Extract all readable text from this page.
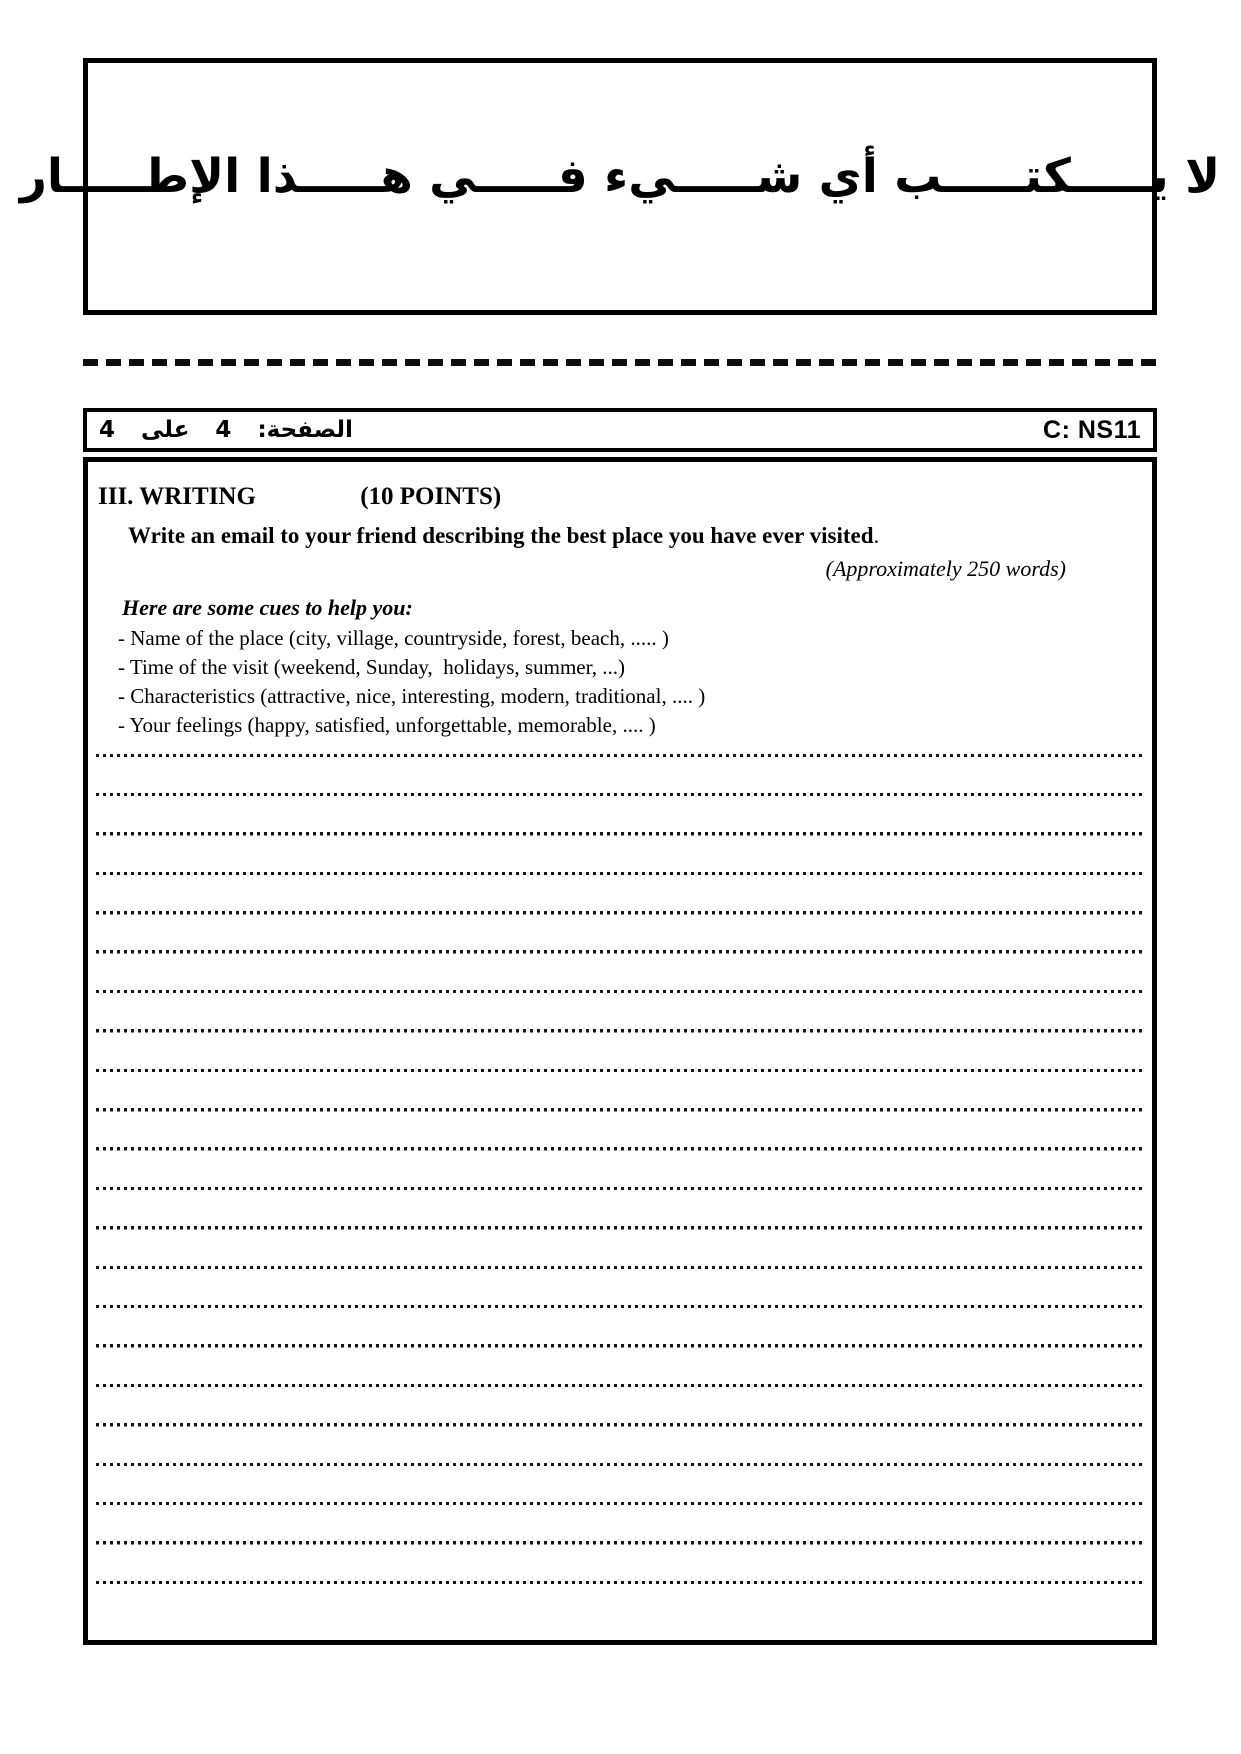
لا يـــــكتـــــب أي شـــــيء فـــــي هـــــذا الإطـــــار
الصفحة: 4 على 4	C: NS11
III. WRITING	(10 POINTS)
Write an email to your friend describing the best place you have ever visited.
(Approximately 250 words)
Here are some cues to help you:
- Name of the place (city, village, countryside, forest, beach, ..... )
- Time of the visit (weekend, Sunday,  holidays, summer, ...)
- Characteristics (attractive, nice, interesting, modern, traditional, .... )
- Your feelings (happy, satisfied, unforgettable, memorable, .... )
